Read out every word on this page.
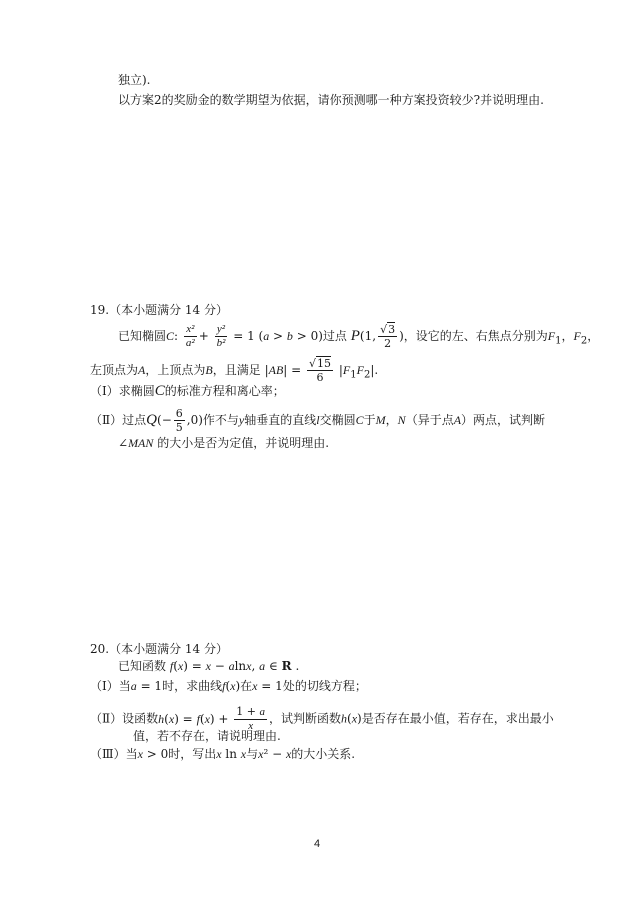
独立).
以方案2的奖励金的数学期望为依据，请你预测哪一种方案投资较少?并说明理由.
19.（本小题满分 14 分）
已知椭圆C: $\frac{\text{x²}}{\text{a²}} + \frac{\text{y²}}{\text{b²}} = 1$ (a > b > 0)过点 P(1, $\frac{√3}{2}$ )，设它的左、右焦点分别为$F_1$，$F_2$，
左顶点为A，上顶点为B，且满足 $|AB| = \frac{√15}{6} |F_1F_2|$.
（Ⅰ）求椭圆C的标准方程和离心率；
（Ⅱ）过点$Q(- \frac{6}{5} ,0)$作不与y轴垂直的直线l交椭圆C于M，N（异于点A）两点，试判断
∠MAN 的大小是否为定值，并说明理由.
20.（本小题满分 14 分）
已知函数 f(x) = x − alnx, a ∈ R .
（Ⅰ）当a = 1时，求曲线f(x)在x = 1处的切线方程；
（Ⅱ）设函数$h(x) = f(x) + \frac{1 + a}{x}$ ，试判断函数h(x)是否存在最小值，若存在，求出最小
值，若不存在，请说明理由.
（Ⅲ）当x > 0时，写出x ln x与x² − x的大小关系.
4
